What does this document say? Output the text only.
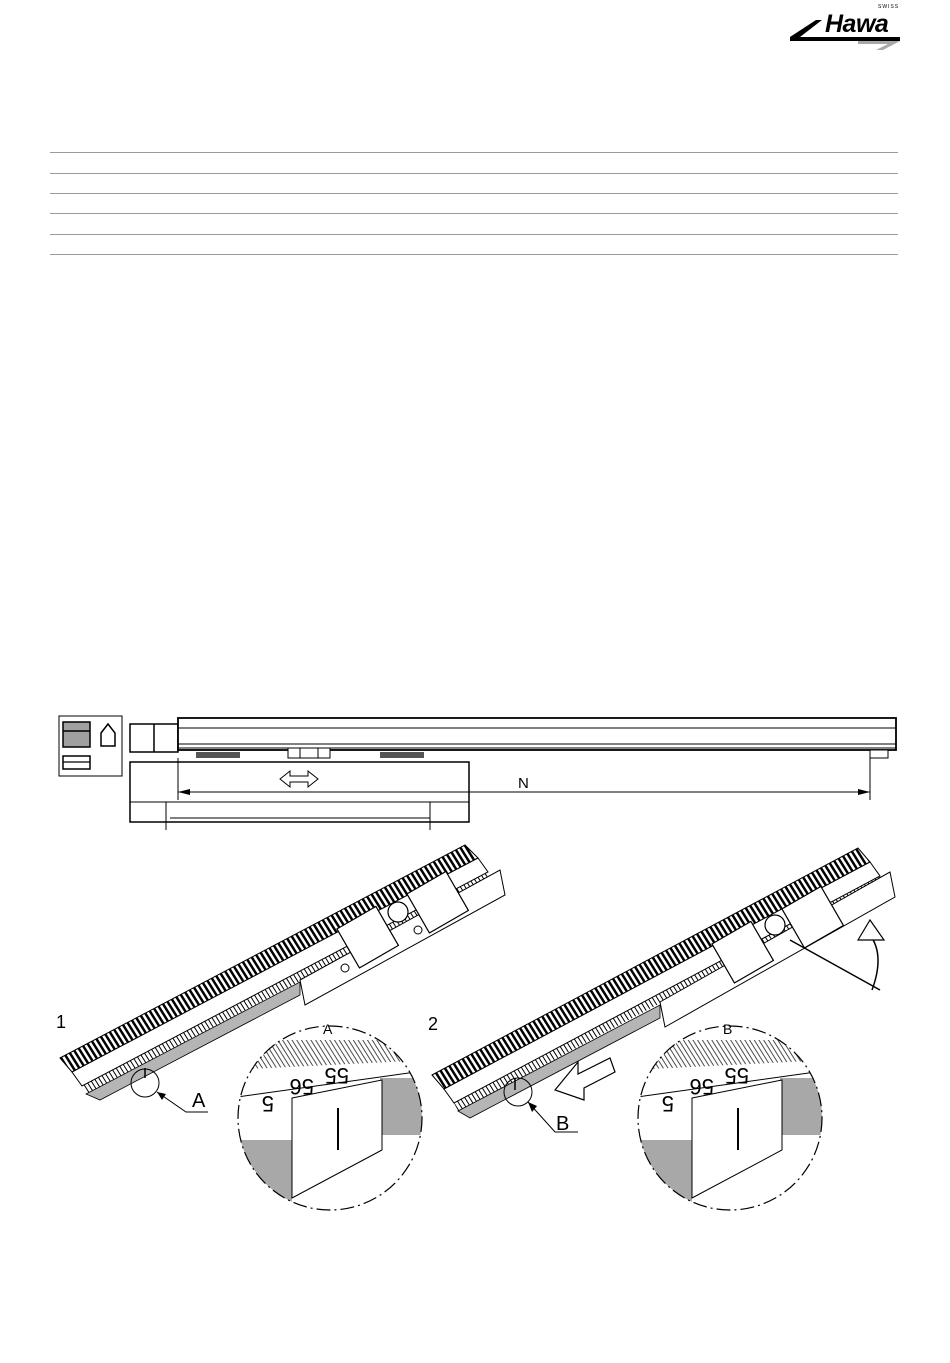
Hawa
SWISS
N
1
A	5
56 55
A	2
B
5
56 55
B
